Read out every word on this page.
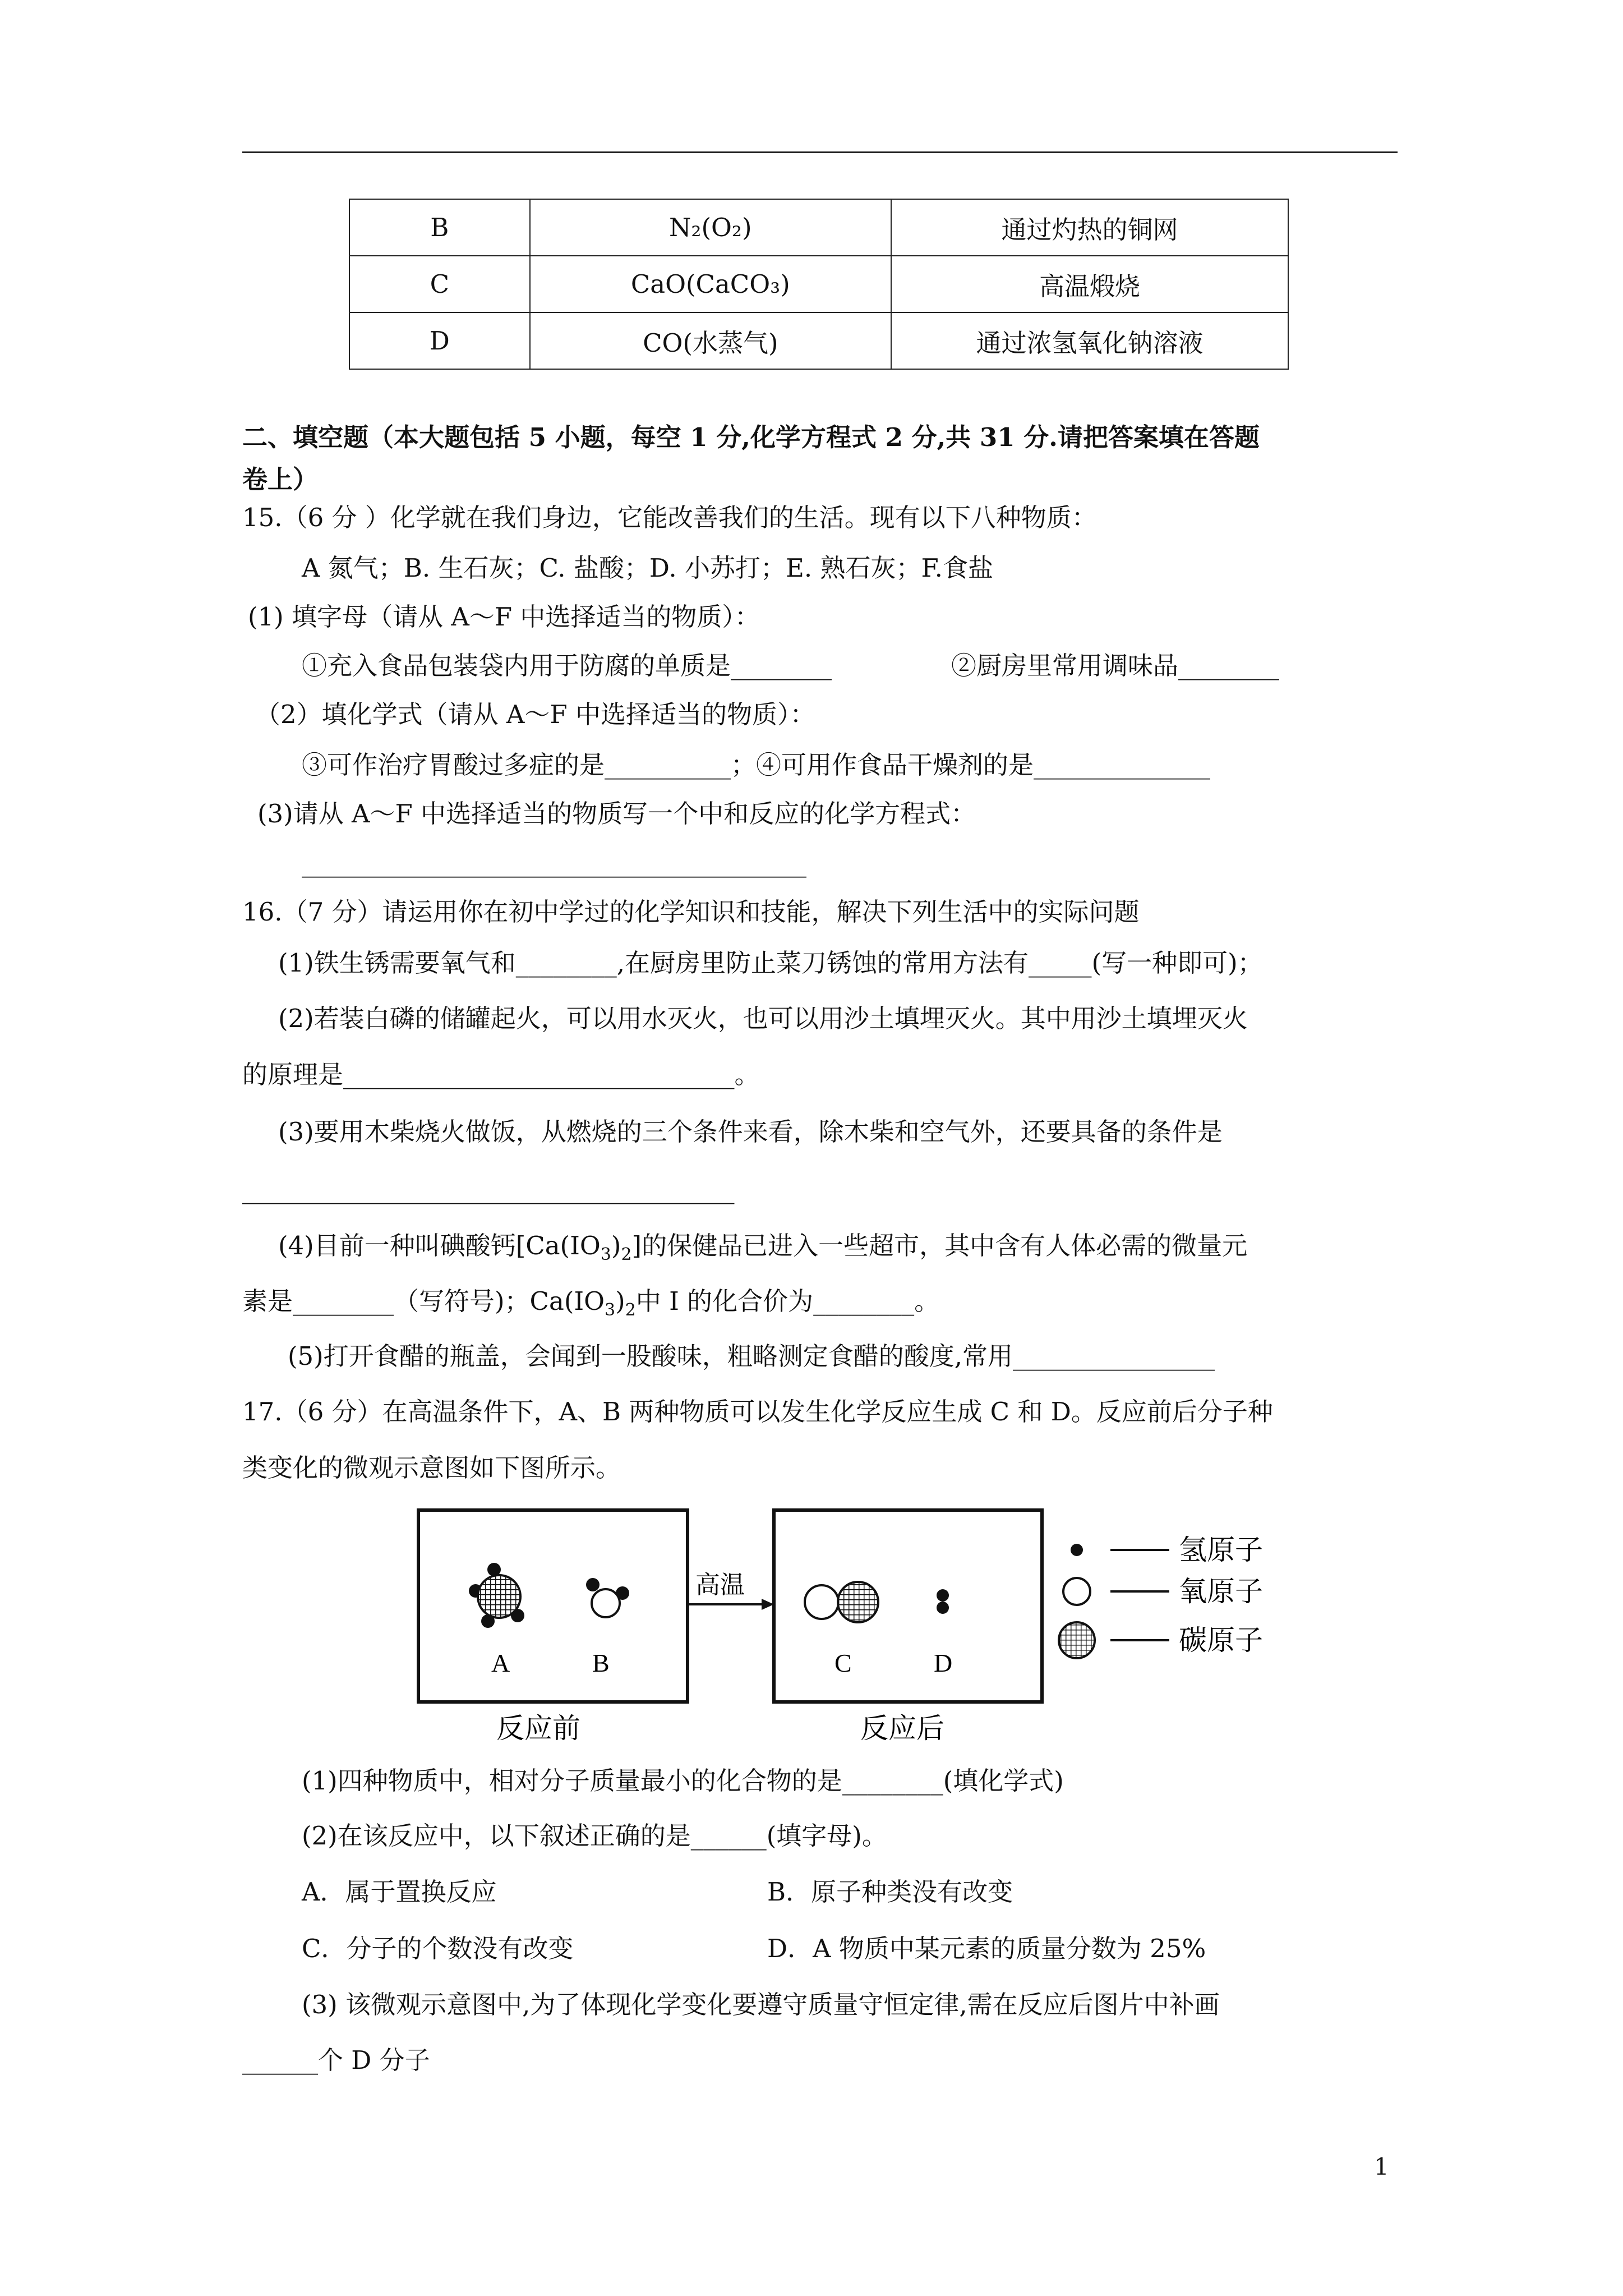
B	N₂(O₂)	通过灼热的铜网
C	CaO(CaCO₃)	高温煅烧
D	CO(水蒸气)	通过浓氢氧化钠溶液
二、填空题（本大题包括 5 小题，每空 1 分,化学方程式 2 分,共 31 分.请把答案填在答题
卷上）
15.（6 分 ）化学就在我们身边，它能改善我们的生活。现有以下八种物质：
A 氮气；B. 生石灰；C. 盐酸；D. 小苏打；E. 熟石灰；F.食盐
(1) 填字母（请从 A～F 中选择适当的物质）：
①充入食品包装袋内用于防腐的单质是________	②厨房里常用调味品________
（2）填化学式（请从 A～F 中选择适当的物质）：
③可作治疗胃酸过多症的是__________；④可用作食品干燥剂的是______________
(3)请从 A～F 中选择适当的物质写一个中和反应的化学方程式：
________________________________________
16.（7 分）请运用你在初中学过的化学知识和技能，解决下列生活中的实际问题
(1)铁生锈需要氧气和________,在厨房里防止菜刀锈蚀的常用方法有_____(写一种即可)；
(2)若装白磷的储罐起火，可以用水灭火，也可以用沙土填埋灭火。其中用沙土填埋灭火
的原理是_______________________________。
(3)要用木柴烧火做饭，从燃烧的三个条件来看，除木柴和空气外，还要具备的条件是
_______________________________________
(4)目前一种叫碘酸钙$[Ca(IO_3)_2]$的保健品已进入一些超市，其中含有人体必需的微量元
素是________（写符号)；$Ca(IO_3)_2$中 I 的化合价为________。
(5)打开食醋的瓶盖，会闻到一股酸味，粗略测定食醋的酸度,常用________________
17.（6 分）在高温条件下，A、B 两种物质可以发生化学反应生成 C 和 D。反应前后分子种
类变化的微观示意图如下图所示。
高温
A	B	C	D
反应前	反应后
氢原子
氧原子
碳原子
(1)四种物质中，相对分子质量最小的化合物的是________(填化学式)
(2)在该反应中，以下叙述正确的是______(填字母)。
A．属于置换反应	B．原子种类没有改变
C．分子的个数没有改变	D．A 物质中某元素的质量分数为 25%
(3) 该微观示意图中,为了体现化学变化要遵守质量守恒定律,需在反应后图片中补画
______个 D 分子
1
